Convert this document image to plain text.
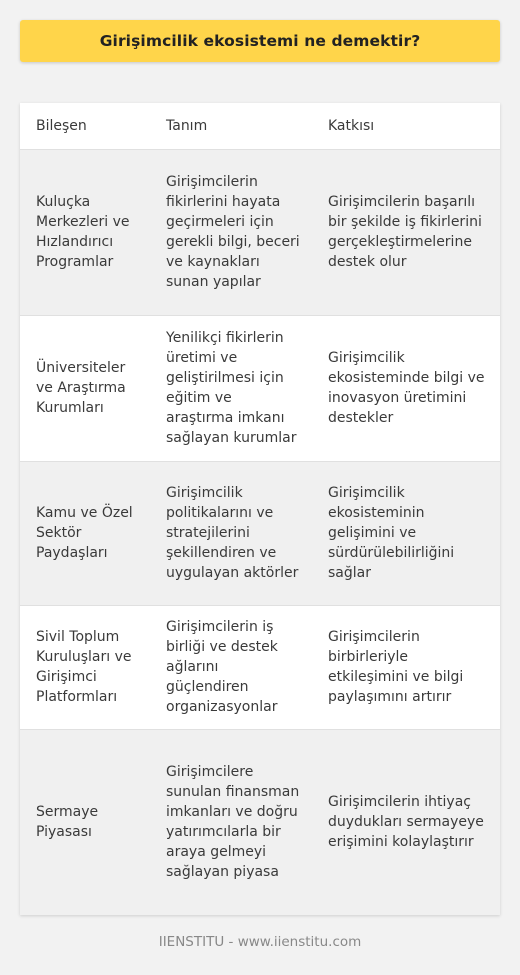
Girişimcilik ekosistemi ne demektir?
Bileşen	Tanım	Katkısı
Kuluçka Merkezleri ve Hızlandırıcı Programlar	Girişimcilerin fikirlerini hayata geçirmeleri için gerekli bilgi, beceri ve kaynakları sunan yapılar	Girişimcilerin başarılı bir şekilde iş fikirlerini gerçekleştirmelerine destek olur
Üniversiteler ve Araştırma Kurumları	Yenilikçi fikirlerin üretimi ve geliştirilmesi için eğitim ve araştırma imkanı sağlayan kurumlar	Girişimcilik ekosisteminde bilgi ve inovasyon üretimini destekler
Kamu ve Özel Sektör Paydaşları	Girişimcilik politikalarını ve stratejilerini şekillendiren ve uygulayan aktörler	Girişimcilik ekosisteminin gelişimini ve sürdürülebilirliğini sağlar
Sivil Toplum Kuruluşları ve Girişimci Platformları	Girişimcilerin iş birliği ve destek ağlarını güçlendiren organizasyonlar	Girişimcilerin birbirleriyle etkileşimini ve bilgi paylaşımını artırır
Sermaye Piyasası	Girişimcilere sunulan finansman imkanları ve doğru yatırımcılarla bir araya gelmeyi sağlayan piyasa	Girişimcilerin ihtiyaç duydukları sermayeye erişimini kolaylaştırır
IIENSTITU - www.iienstitu.com
